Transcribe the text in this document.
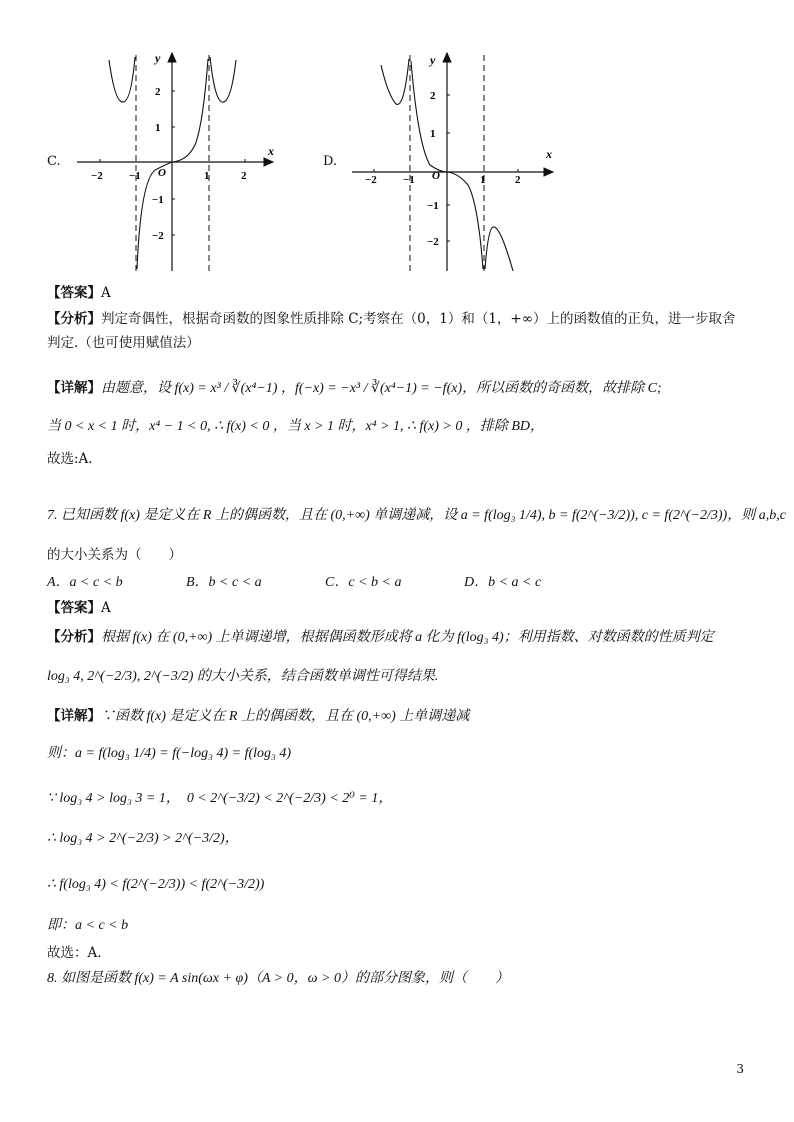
C.
x
y
O
−2 −1	1	2
2
1
−1
−2
D.	x
y
O
−2 −1	1	2
2
1
−1
−2
【答案】A
【分析】判定奇偶性，根据奇函数的图象性质排除 C;考察在（0，1）和（1，+∞）上的函数值的正负，进一步取舍
判定.（也可使用赋值法）
【详解】由题意，设 f(x) = x³ / ∛(x⁴−1) ，f(−x) = −x³ / ∛(x⁴−1) = −f(x)，所以函数的奇函数，故排除 C;
当 0 < x < 1 时，x⁴ − 1 < 0, ∴ f(x) < 0 ，当 x > 1 时，x⁴ > 1, ∴ f(x) > 0 ，排除 BD，
故选:A.
7. 已知函数 f(x) 是定义在 R 上的偶函数，且在 (0,+∞) 单调递减，设 a = f(log₃ 1/4), b = f(2^(−3/2)), c = f(2^(−2/3))，则 a,b,c
的大小关系为（　　）
A．a < c < b	B．b < c < a	C．c < b < a	D．b < a < c
【答案】A
【分析】根据 f(x) 在 (0,+∞) 上单调递增，根据偶函数形成将 a 化为 f(log₃ 4)；利用指数、对数函数的性质判定
log₃ 4, 2^(−2/3), 2^(−3/2) 的大小关系，结合函数单调性可得结果.
【详解】∵函数 f(x) 是定义在 R 上的偶函数，且在 (0,+∞) 上单调递减
则：a = f(log₃ 1/4) = f(−log₃ 4) = f(log₃ 4)
∵ log₃ 4 > log₃ 3 = 1，　0 < 2^(−3/2) < 2^(−2/3) < 2⁰ = 1，
∴ log₃ 4 > 2^(−2/3) > 2^(−3/2)，
∴ f(log₃ 4) < f(2^(−2/3)) < f(2^(−3/2))
即：a < c < b
故选：A.
8. 如图是函数 f(x) = A sin(ωx + φ)（A > 0，ω > 0）的部分图象，则（　　）
3
